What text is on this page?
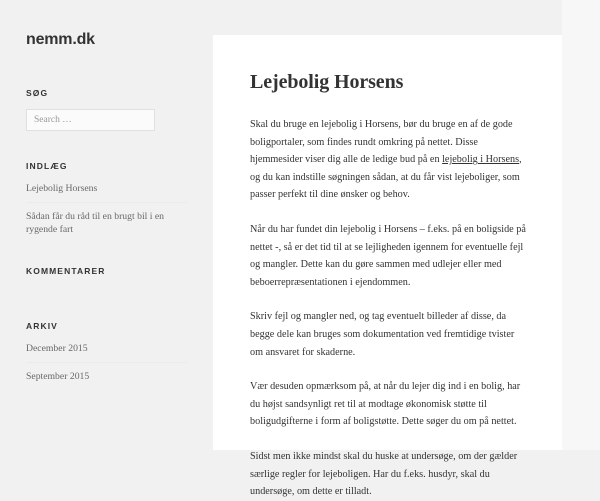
nemm.dk
SØG
Search …
INDLÆG
Lejebolig Horsens
Sådan får du råd til en brugt bil i en rygende fart
KOMMENTARER
ARKIV
December 2015
September 2015
Lejebolig Horsens

Skal du bruge en lejebolig i Horsens, bør du bruge en af de gode boligportaler, som findes rundt omkring på nettet. Disse hjemmesider viser dig alle de ledige bud på en lejebolig i Horsens, og du kan indstille søgningen sådan, at du får vist lejeboliger, som passer perfekt til dine ønsker og behov.

Når du har fundet din lejebolig i Horsens – f.eks. på en boligside på nettet -, så er det tid til at se lejligheden igennem for eventuelle fejl og mangler. Dette kan du gøre sammen med udlejer eller med beboerrepræsentationen i ejendommen.

Skriv fejl og mangler ned, og tag eventuelt billeder af disse, da begge dele kan bruges som dokumentation ved fremtidige tvister om ansvaret for skaderne.

Vær desuden opmærksom på, at når du lejer dig ind i en bolig, har du højst sandsynligt ret til at modtage økonomisk støtte til boligudgifterne i form af boligstøtte. Dette søger du om på nettet.

Sidst men ikke mindst skal du huske at undersøge, om der gælder særlige regler for lejeboligen. Har du f.eks. husdyr, skal du undersøge, om dette er tilladt.
